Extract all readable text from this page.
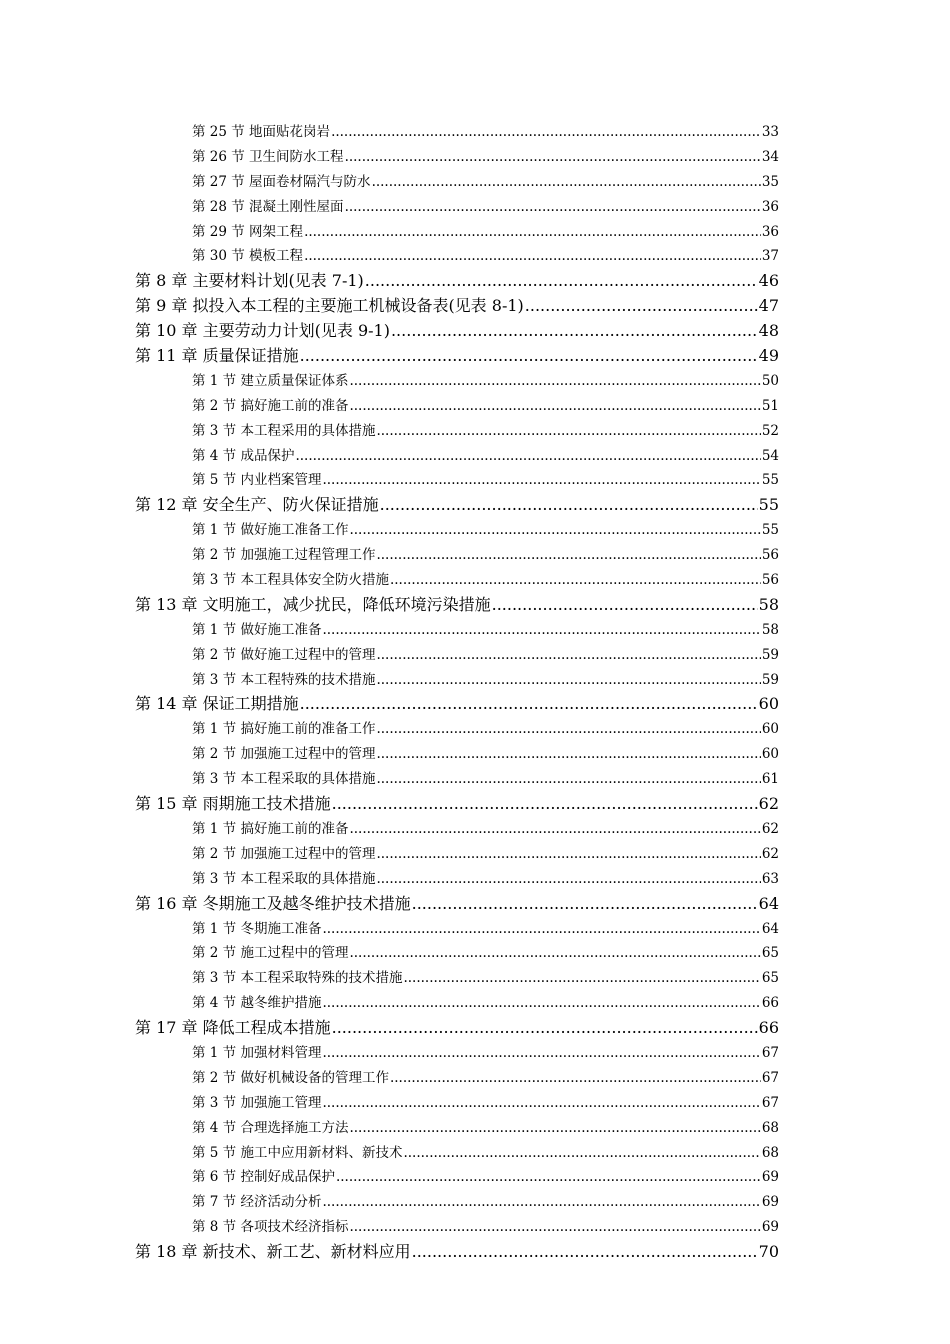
第 25 节 地面贴花岗岩 .....	33
第 26 节 卫生间防水工程 .....	34
第 27 节 屋面卷材隔汽与防水 .....	35
第 28 节 混凝土刚性屋面 .....	36
第 29 节 网架工程 .....	36
第 30 节 模板工程 .....	37
第 8 章 主要材料计划(见表 7-1) .....	46
第 9 章 拟投入本工程的主要施工机械设备表(见表 8-1) .....	47
第 10 章 主要劳动力计划(见表 9-1) .....	48
第 11 章 质量保证措施 .....	49
第 1 节 建立质量保证体系 .....	50
第 2 节 搞好施工前的准备 .....	51
第 3 节 本工程采用的具体措施 .....	52
第 4 节 成品保护 .....	54
第 5 节 内业档案管理 .....	55
第 12 章 安全生产、防火保证措施 .....	55
第 1 节 做好施工准备工作 .....	55
第 2 节 加强施工过程管理工作 .....	56
第 3 节 本工程具体安全防火措施 .....	56
第 13 章 文明施工，减少扰民，降低环境污染措施 .....	58
第 1 节 做好施工准备 .....	58
第 2 节 做好施工过程中的管理 .....	59
第 3 节 本工程特殊的技术措施 .....	59
第 14 章 保证工期措施 .....	60
第 1 节 搞好施工前的准备工作 .....	60
第 2 节 加强施工过程中的管理 .....	60
第 3 节 本工程采取的具体措施 .....	61
第 15 章 雨期施工技术措施 .....	62
第 1 节 搞好施工前的准备 .....	62
第 2 节 加强施工过程中的管理 .....	62
第 3 节 本工程采取的具体措施 .....	63
第 16 章 冬期施工及越冬维护技术措施 .....	64
第 1 节 冬期施工准备 .....	64
第 2 节 施工过程中的管理 .....	65
第 3 节 本工程采取特殊的技术措施 .....	65
第 4 节 越冬维护措施 .....	66
第 17 章 降低工程成本措施 .....	66
第 1 节 加强材料管理 .....	67
第 2 节 做好机械设备的管理工作 .....	67
第 3 节 加强施工管理 .....	67
第 4 节 合理选择施工方法 .....	68
第 5 节 施工中应用新材料、新技术 .....	68
第 6 节 控制好成品保护 .....	69
第 7 节 经济活动分析 .....	69
第 8 节 各项技术经济指标 .....	69
第 18 章 新技术、新工艺、新材料应用 .....	70
